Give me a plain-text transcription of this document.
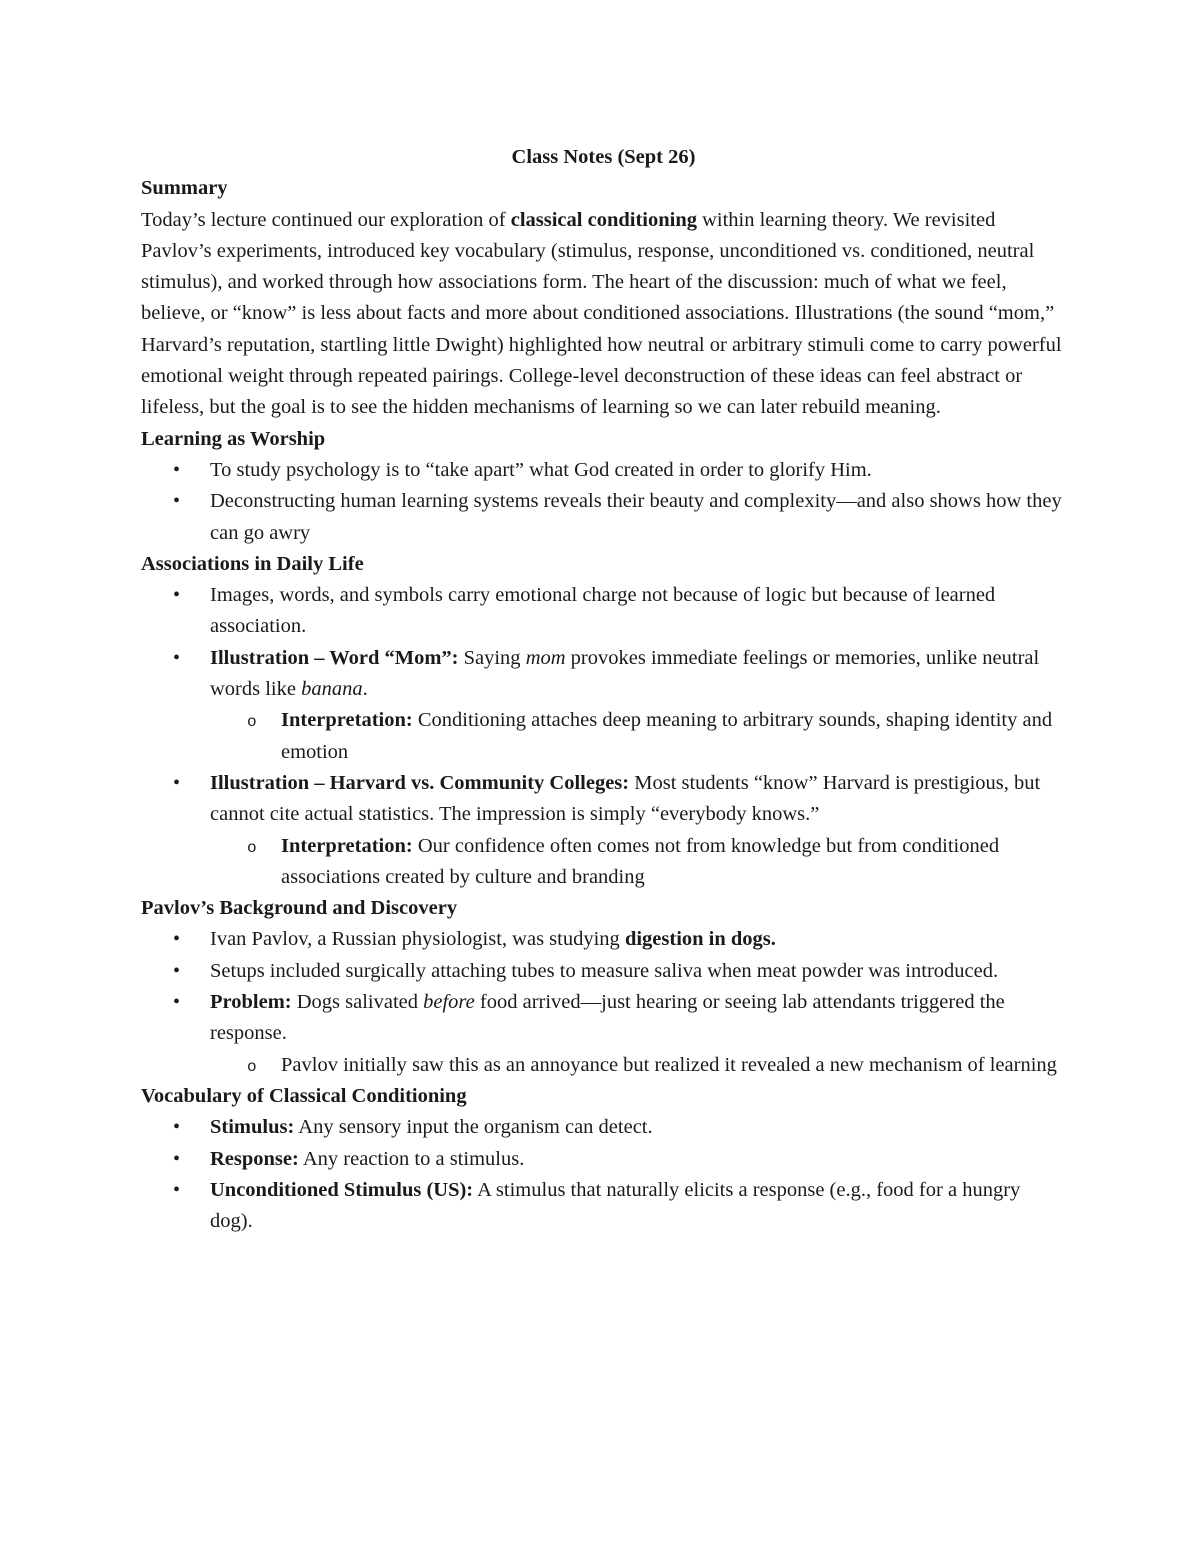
Class Notes (Sept 26)

Summary

Today’s lecture continued our exploration of classical conditioning within learning theory. We revisited Pavlov’s experiments, introduced key vocabulary (stimulus, response, unconditioned vs. conditioned, neutral stimulus), and worked through how associations form. The heart of the discussion: much of what we feel, believe, or “know” is less about facts and more about conditioned associations. Illustrations (the sound “mom,” Harvard’s reputation, startling little Dwight) highlighted how neutral or arbitrary stimuli come to carry powerful emotional weight through repeated pairings. College-level deconstruction of these ideas can feel abstract or lifeless, but the goal is to see the hidden mechanisms of learning so we can later rebuild meaning.

Learning as Worship

• To study psychology is to “take apart” what God created in order to glorify Him.
• Deconstructing human learning systems reveals their beauty and complexity—and also shows how they can go awry

Associations in Daily Life

• Images, words, and symbols carry emotional charge not because of logic but because of learned association.
• Illustration – Word “Mom”: Saying mom provokes immediate feelings or memories, unlike neutral words like banana.
o Interpretation: Conditioning attaches deep meaning to arbitrary sounds, shaping identity and emotion
• Illustration – Harvard vs. Community Colleges: Most students “know” Harvard is prestigious, but cannot cite actual statistics. The impression is simply “everybody knows.”
o Interpretation: Our confidence often comes not from knowledge but from conditioned associations created by culture and branding

Pavlov’s Background and Discovery

• Ivan Pavlov, a Russian physiologist, was studying digestion in dogs.
• Setups included surgically attaching tubes to measure saliva when meat powder was introduced.
• Problem: Dogs salivated before food arrived—just hearing or seeing lab attendants triggered the response.
o Pavlov initially saw this as an annoyance but realized it revealed a new mechanism of learning

Vocabulary of Classical Conditioning

• Stimulus: Any sensory input the organism can detect.
• Response: Any reaction to a stimulus.
• Unconditioned Stimulus (US): A stimulus that naturally elicits a response (e.g., food for a hungry dog).
